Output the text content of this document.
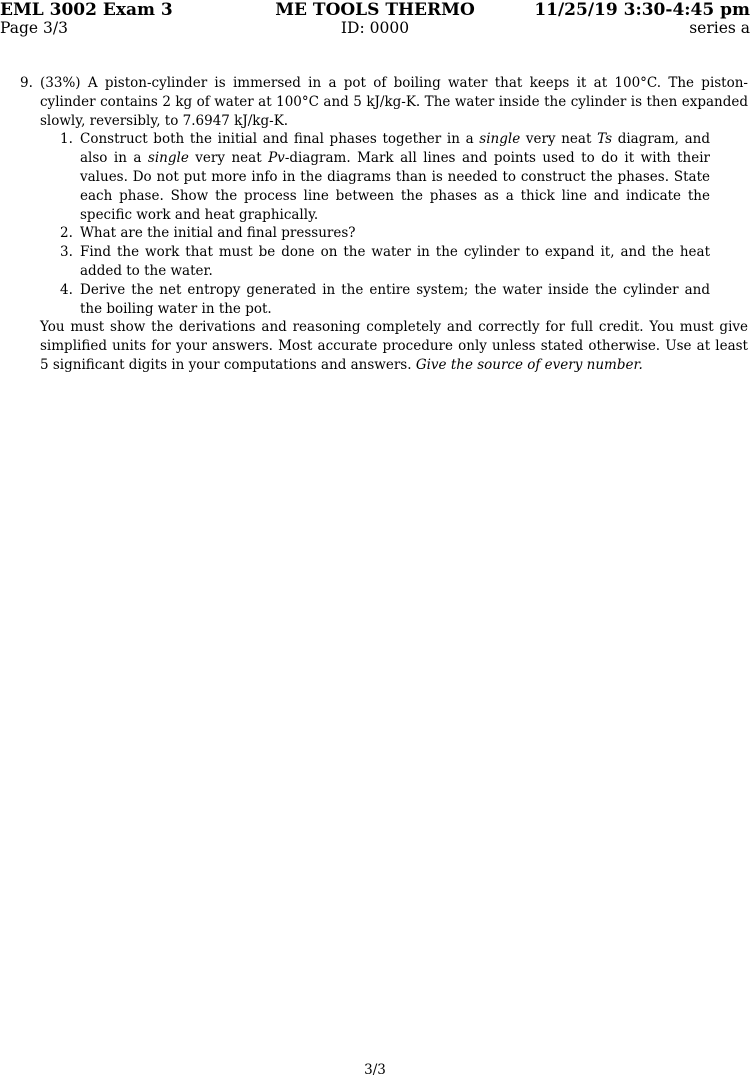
EML 3002 Exam 3	ME TOOLS THERMO	11/25/19 3:30-4:45 pm
Page 3/3	ID: 0000	series a

9. (33%) A piston-cylinder is immersed in a pot of boiling water that keeps it at 100°C. The piston-cylinder contains 2 kg of water at 100°C and 5 kJ/kg-K. The water inside the cylinder is then expanded slowly, reversibly, to 7.6947 kJ/kg-K.

1. Construct both the initial and final phases together in a single very neat Ts diagram, and also in a single very neat Pv-diagram. Mark all lines and points used to do it with their values. Do not put more info in the diagrams than is needed to construct the phases. State each phase. Show the process line between the phases as a thick line and indicate the specific work and heat graphically.
2. What are the initial and final pressures?
3. Find the work that must be done on the water in the cylinder to expand it, and the heat added to the water.
4. Derive the net entropy generated in the entire system; the water inside the cylinder and the boiling water in the pot.

You must show the derivations and reasoning completely and correctly for full credit. You must give simplified units for your answers. Most accurate procedure only unless stated otherwise. Use at least 5 significant digits in your computations and answers. Give the source of every number.

3/3
